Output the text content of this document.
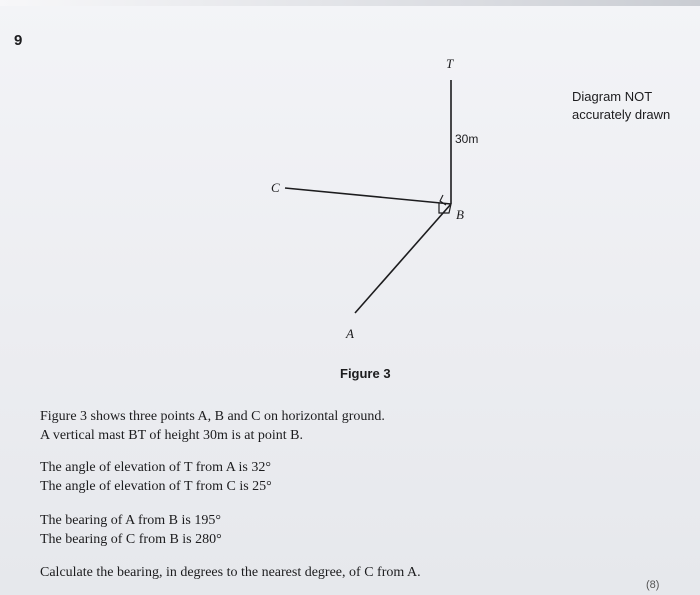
9
Diagram NOT
accurately drawn
T
30m
C
B
A
Figure 3
Figure 3 shows three points A, B and C on horizontal ground.
A vertical mast BT of height 30m is at point B.
The angle of elevation of T from A is 32°
The angle of elevation of T from C is 25°
The bearing of A from B is 195°
The bearing of C from B is 280°
Calculate the bearing, in degrees to the nearest degree, of C from A.
(8)
